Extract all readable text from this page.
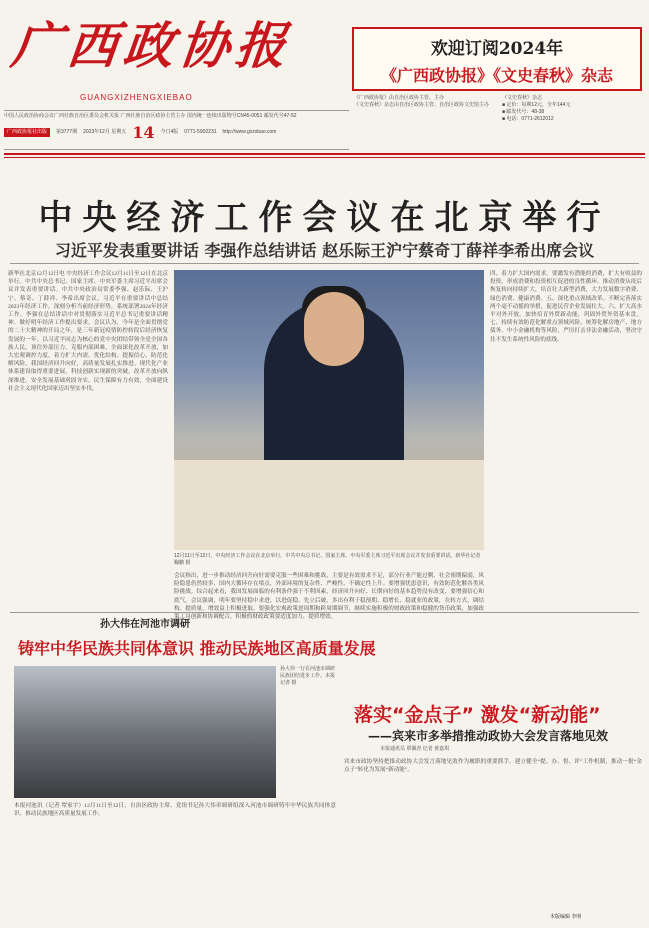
广西政协报
GUANGXIZHENGXIEBAO
欢迎订阅2024年
《广西政协报》《文史春秋》杂志
中国人民政治协商会议广西壮族自治区委员会机关报 广西壮族自治区政协主管主办 国内统一连续出版物号CN45-0051 邮发代号47-52
广西政协报社出版	第3777期 2023年12月 星期五 14 今日4版 0771-5902231 http://www.gxzxbao.com
《广西政协报》由自治区政协主管、主办
《文史春秋》杂志由自治区政协主管、自治区政协文史馆主办
《文史春秋》杂志
■ 定价：每期12元，全年144元
■ 邮发代号：48-38
■ 电话：0771-2612012
中央经济工作会议在北京举行
习近平发表重要讲话 李强作总结讲话 赵乐际王沪宁蔡奇丁薛祥李希出席会议
新华社北京12月12日电 中央经济工作会议12月11日至12日在北京举行。中共中央总书记、国家主席、中央军委主席习近平出席会议并发表重要讲话。中共中央政治局常委李强、赵乐际、王沪宁、蔡奇、丁薛祥、李希出席会议。习近平在重要讲话中总结2023年经济工作，深刻分析当前经济形势，系统部署2024年经济工作。李强在总结讲话中对贯彻落实习近平总书记重要讲话精神、做好明年经济工作提出要求。会议认为，今年是全面贯彻党的二十大精神的开局之年，是三年新冠疫情防控转段后经济恢复发展的一年。以习近平同志为核心的党中央团结带领全党全国各族人民，顶住外部压力、克服内部困难，全面深化改革开放，加大宏观调控力度，着力扩大内需、优化结构、提振信心、防范化解风险，我国经济回升向好，高质量发展扎实推进。现代化产业体系建设取得重要进展，科技创新实现新的突破，改革开放向纵深推进，安全发展基础巩固夯实，民生保障有力有效，全面建设社会主义现代化国家迈出坚实步伐。
12月11日至12日，中央经济工作会议在北京举行。中共中央总书记、国家主席、中央军委主席习近平出席会议并发表重要讲话。新华社记者 鞠鹏 摄
会议指出，进一步推动经济回升向好需要克服一些困难和挑战，主要是有效需求不足，部分行业产能过剩，社会预期偏弱，风险隐患仍然较多，国内大循环存在堵点，外部环境的复杂性、严峻性、不确定性上升。要增强忧患意识，有效防范化解各类风险挑战。综合起来看，我国发展面临的有利条件强于不利因素，经济回升向好、长期向好的基本趋势没有改变，要增强信心和底气。会议强调，明年要坚持稳中求进、以进促稳、先立后破，多出有利于稳预期、稳增长、稳就业的政策，在转方式、调结构、提质量、增效益上积极进取。要强化宏观政策逆周期和跨周期调节，继续实施积极的财政政策和稳健的货币政策，加强政策工具创新和协调配合。积极的财政政策要适度加力、提质增效。
四、着力扩大国内需求。要激发有潜能的消费，扩大有收益的投资，形成消费和投资相互促进的良性循环。推动消费从疫后恢复转向持续扩大，培育壮大新型消费，大力发展数字消费、绿色消费、健康消费。五、深化重点领域改革。不断完善落实两个毫不动摇的举措，促进民营企业发展壮大。六、扩大高水平对外开放。加快培育外贸新动能，巩固外贸外资基本盘。七、持续有效防范化解重点领域风险。统筹化解房地产、地方债务、中小金融机构等风险，严厉打击非法金融活动，坚决守住不发生系统性风险的底线。
孙大伟在河池市调研
铸牢中华民族共同体意识 推动民族地区高质量发展
孙大伟一行在河池市调研民族团结进步工作。本报记者 摄
本报河池讯（记者 覃家宇）12月11日至12日，自治区政协主席、党组书记孙大伟率调研组深入河池市调研铸牢中华民族共同体意识、推动民族地区高质量发展工作。
落实“金点子” 激发“新动能”
——宾来市多举措推动政协大会发言落地见效
本报通讯员 覃佩青 记者 黄嘉琪
宾来市政协坚持把推动政协大会发言落地见效作为履职的重要抓手，建立健全“提、办、督、评”工作机制，推动一批“金点子”转化为发展“新动能”。
本版编辑 李明
